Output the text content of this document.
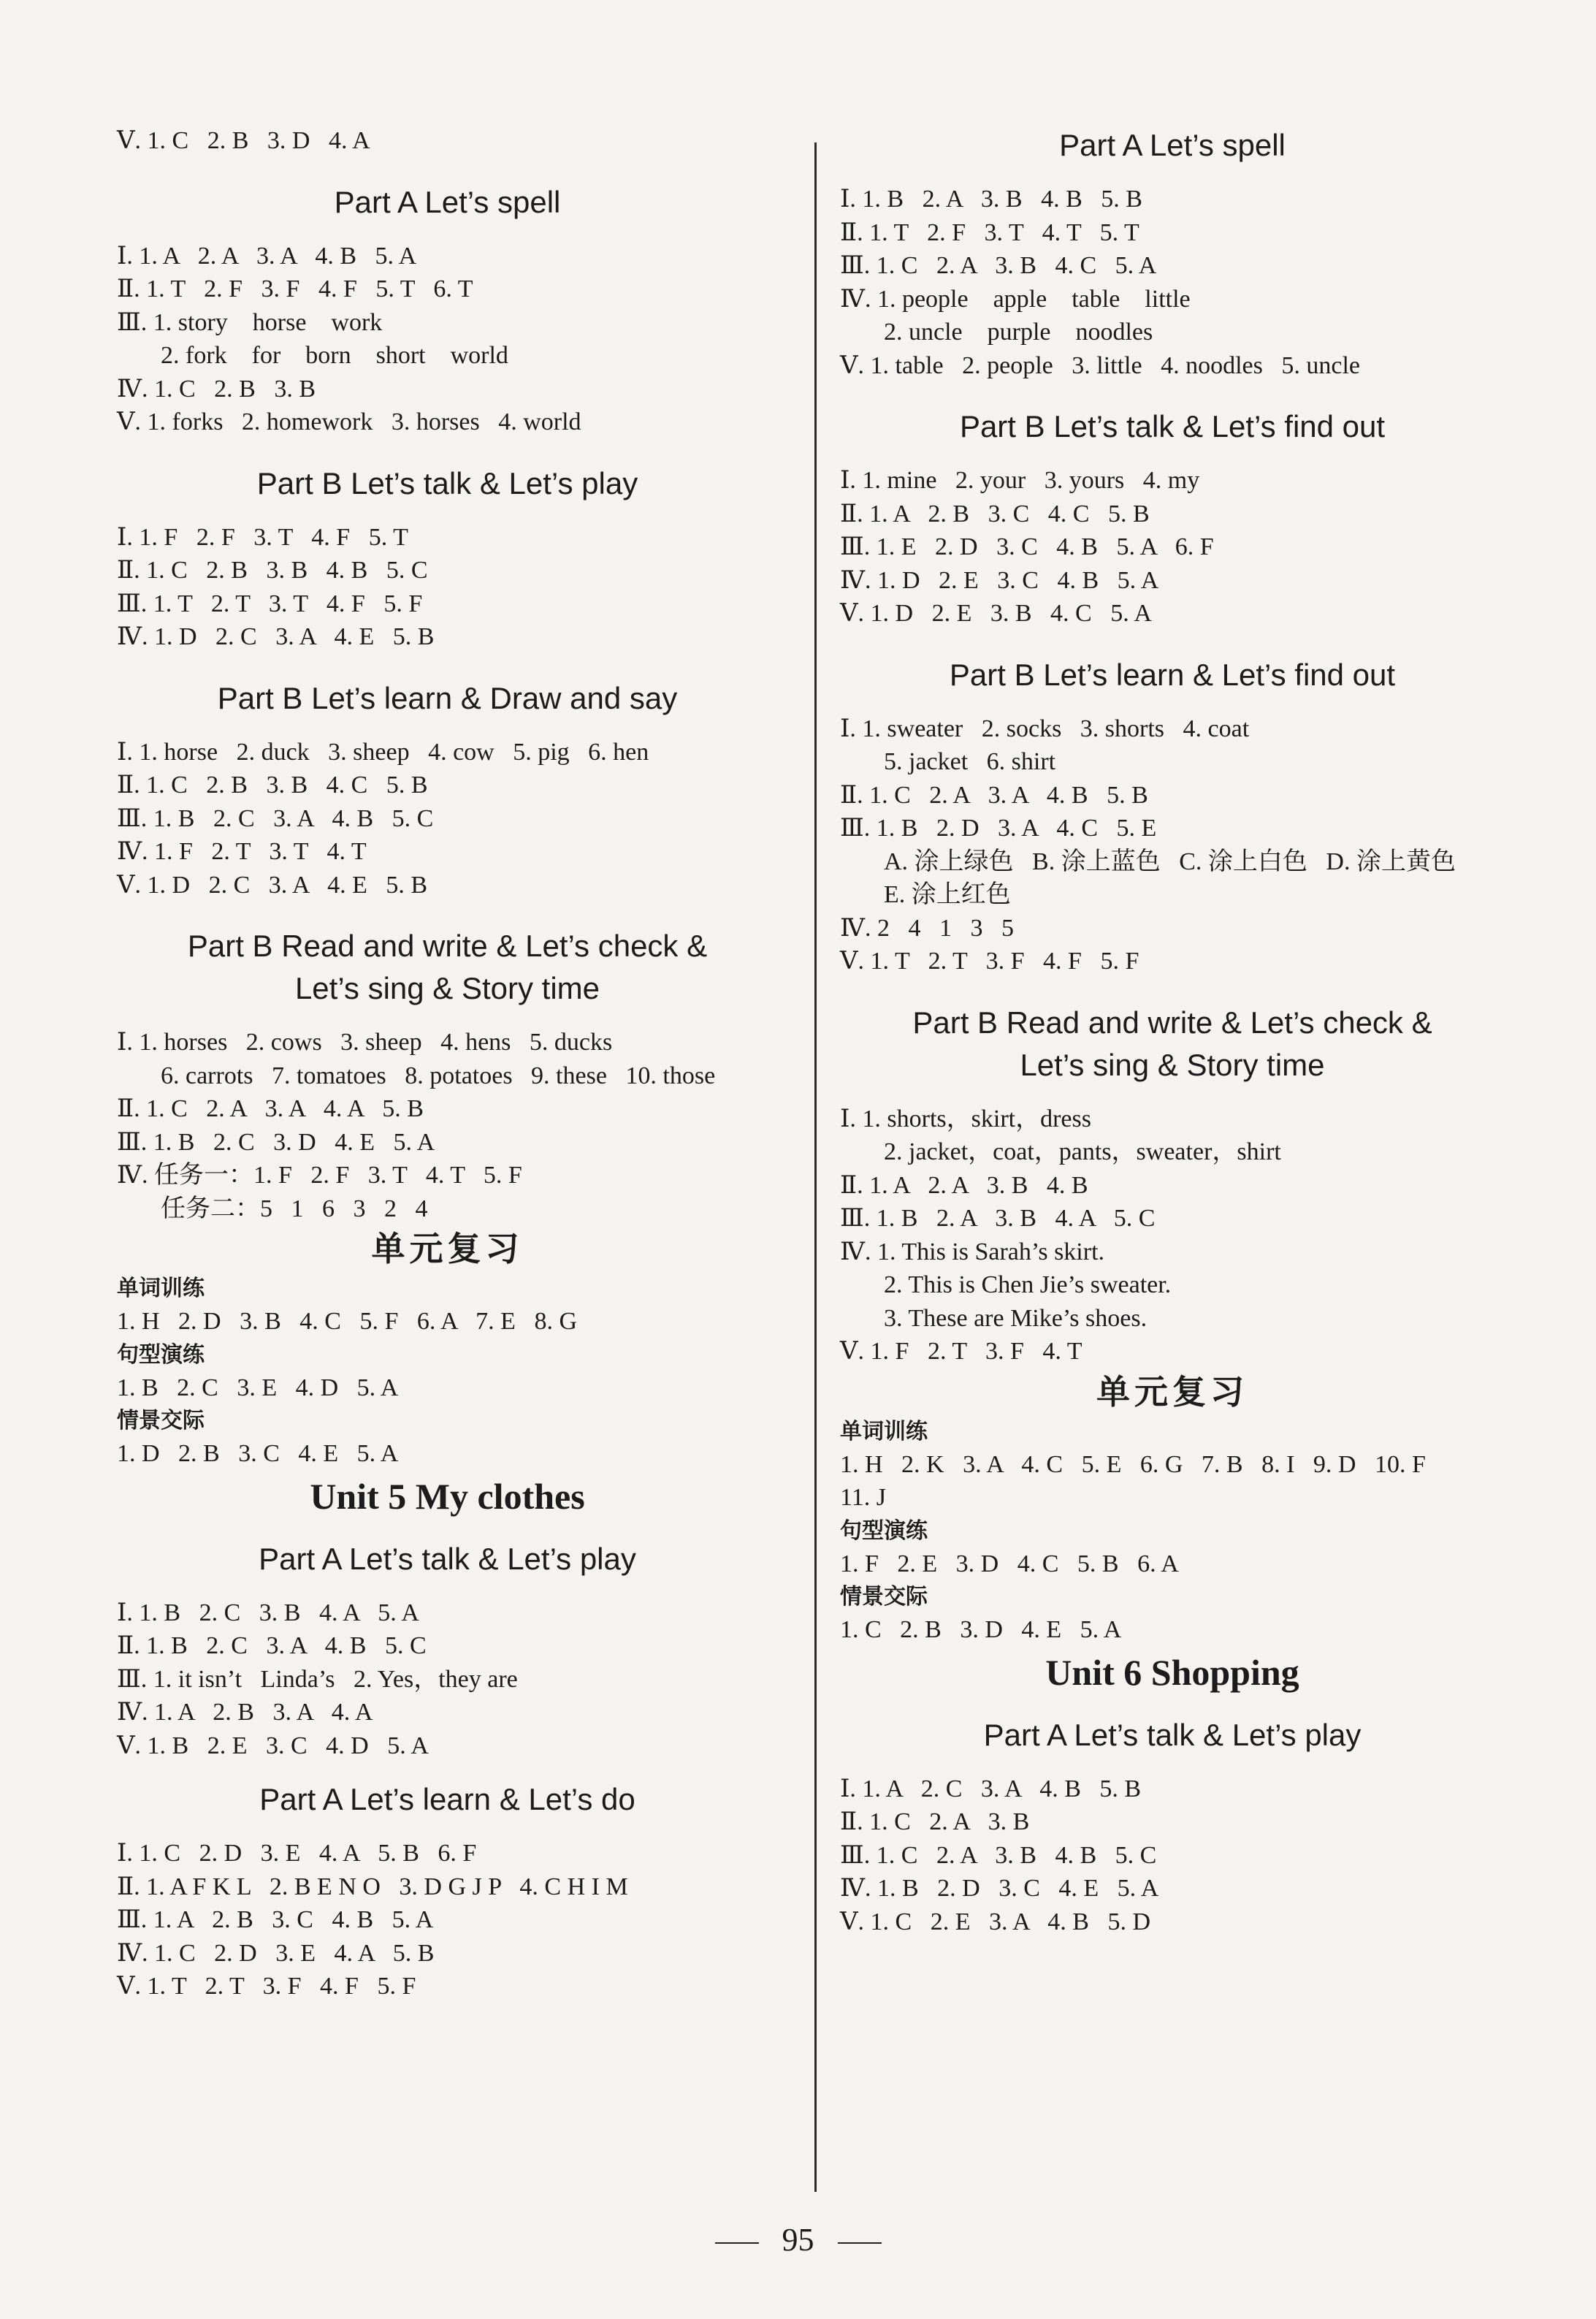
Ⅴ. 1. C   2. B   3. D   4. A
Part A Let’s spell
Ⅰ. 1. A   2. A   3. A   4. B   5. A
Ⅱ. 1. T   2. F   3. F   4. F   5. T   6. T
Ⅲ. 1. story    horse    work
2. fork    for    born    short    world
Ⅳ. 1. C   2. B   3. B
Ⅴ. 1. forks   2. homework   3. horses   4. world
Part B Let’s talk & Let’s play
Ⅰ. 1. F   2. F   3. T   4. F   5. T
Ⅱ. 1. C   2. B   3. B   4. B   5. C
Ⅲ. 1. T   2. T   3. T   4. F   5. F
Ⅳ. 1. D   2. C   3. A   4. E   5. B
Part B Let’s learn & Draw and say
Ⅰ. 1. horse   2. duck   3. sheep   4. cow   5. pig   6. hen
Ⅱ. 1. C   2. B   3. B   4. C   5. B
Ⅲ. 1. B   2. C   3. A   4. B   5. C
Ⅳ. 1. F   2. T   3. T   4. T
Ⅴ. 1. D   2. C   3. A   4. E   5. B
Part B Read and write & Let’s check &
Let’s sing & Story time
Ⅰ. 1. horses   2. cows   3. sheep   4. hens   5. ducks
6. carrots   7. tomatoes   8. potatoes   9. these   10. those
Ⅱ. 1. C   2. A   3. A   4. A   5. B
Ⅲ. 1. B   2. C   3. D   4. E   5. A
Ⅳ. 任务一：1. F   2. F   3. T   4. T   5. F
任务二：5   1   6   3   2   4
单元复习
单词训练
1. H   2. D   3. B   4. C   5. F   6. A   7. E   8. G
句型演练
1. B   2. C   3. E   4. D   5. A
情景交际
1. D   2. B   3. C   4. E   5. A
Unit 5 My clothes
Part A Let’s talk & Let’s play
Ⅰ. 1. B   2. C   3. B   4. A   5. A
Ⅱ. 1. B   2. C   3. A   4. B   5. C
Ⅲ. 1. it isn’t   Linda’s   2. Yes，they are
Ⅳ. 1. A   2. B   3. A   4. A
Ⅴ. 1. B   2. E   3. C   4. D   5. A
Part A Let’s learn & Let’s do
Ⅰ. 1. C   2. D   3. E   4. A   5. B   6. F
Ⅱ. 1. A F K L   2. B E N O   3. D G J P   4. C H I M
Ⅲ. 1. A   2. B   3. C   4. B   5. A
Ⅳ. 1. C   2. D   3. E   4. A   5. B
Ⅴ. 1. T   2. T   3. F   4. F   5. F
Part A Let’s spell
Ⅰ. 1. B   2. A   3. B   4. B   5. B
Ⅱ. 1. T   2. F   3. T   4. T   5. T
Ⅲ. 1. C   2. A   3. B   4. C   5. A
Ⅳ. 1. people    apple    table    little
2. uncle    purple    noodles
Ⅴ. 1. table   2. people   3. little   4. noodles   5. uncle
Part B Let’s talk & Let’s find out
Ⅰ. 1. mine   2. your   3. yours   4. my
Ⅱ. 1. A   2. B   3. C   4. C   5. B
Ⅲ. 1. E   2. D   3. C   4. B   5. A   6. F
Ⅳ. 1. D   2. E   3. C   4. B   5. A
Ⅴ. 1. D   2. E   3. B   4. C   5. A
Part B Let’s learn & Let’s find out
Ⅰ. 1. sweater   2. socks   3. shorts   4. coat
5. jacket   6. shirt
Ⅱ. 1. C   2. A   3. A   4. B   5. B
Ⅲ. 1. B   2. D   3. A   4. C   5. E
A. 涂上绿色   B. 涂上蓝色   C. 涂上白色   D. 涂上黄色
E. 涂上红色
Ⅳ. 2   4   1   3   5
Ⅴ. 1. T   2. T   3. F   4. F   5. F
Part B Read and write & Let’s check &
Let’s sing & Story time
Ⅰ. 1. shorts，skirt，dress
2. jacket，coat，pants，sweater，shirt
Ⅱ. 1. A   2. A   3. B   4. B
Ⅲ. 1. B   2. A   3. B   4. A   5. C
Ⅳ. 1. This is Sarah’s skirt.
2. This is Chen Jie’s sweater.
3. These are Mike’s shoes.
Ⅴ. 1. F   2. T   3. F   4. T
单元复习
单词训练
1. H   2. K   3. A   4. C   5. E   6. G   7. B   8. I   9. D   10. F
11. J
句型演练
1. F   2. E   3. D   4. C   5. B   6. A
情景交际
1. C   2. B   3. D   4. E   5. A
Unit 6 Shopping
Part A Let’s talk & Let’s play
Ⅰ. 1. A   2. C   3. A   4. B   5. B
Ⅱ. 1. C   2. A   3. B
Ⅲ. 1. C   2. A   3. B   4. B   5. C
Ⅳ. 1. B   2. D   3. C   4. E   5. A
Ⅴ. 1. C   2. E   3. A   4. B   5. D
95
